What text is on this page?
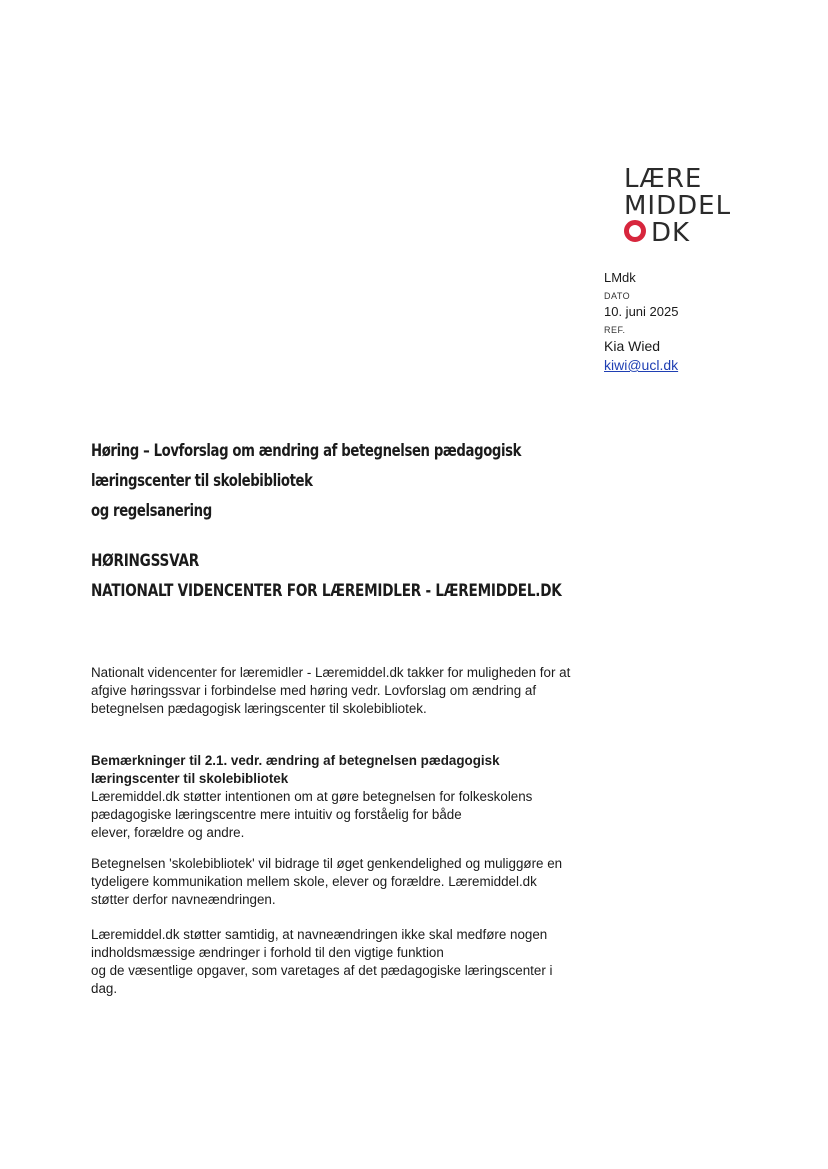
LÆRE
MIDDEL
DK
LMdk
DATO
10. juni 2025
REF.
Kia Wied
kiwi@ucl.dk
Høring – Lovforslag om ændring af betegnelsen pædagogisk
læringscenter til skolebibliotek
og regelsanering
HØRINGSSVAR
NATIONALT VIDENCENTER FOR LÆREMIDLER - LÆREMIDDEL.DK

Nationalt videncenter for læremidler - Læremiddel.dk takker for muligheden for at

afgive høringssvar i forbindelse med høring vedr. Lovforslag om ændring af

betegnelsen pædagogisk læringscenter til skolebibliotek.

Bemærkninger til 2.1. vedr. ændring af betegnelsen pædagogisk

læringscenter til skolebibliotek

Læremiddel.dk støtter intentionen om at gøre betegnelsen for folkeskolens

pædagogiske læringscentre mere intuitiv og forståelig for både

elever, forældre og andre.

Betegnelsen 'skolebibliotek' vil bidrage til øget genkendelighed og muliggøre en

tydeligere kommunikation mellem skole, elever og forældre. Læremiddel.dk

støtter derfor navneændringen.

Læremiddel.dk støtter samtidig, at navneændringen ikke skal medføre nogen

indholdsmæssige ændringer i forhold til den vigtige funktion

og de væsentlige opgaver, som varetages af det pædagogiske læringscenter i

dag.
